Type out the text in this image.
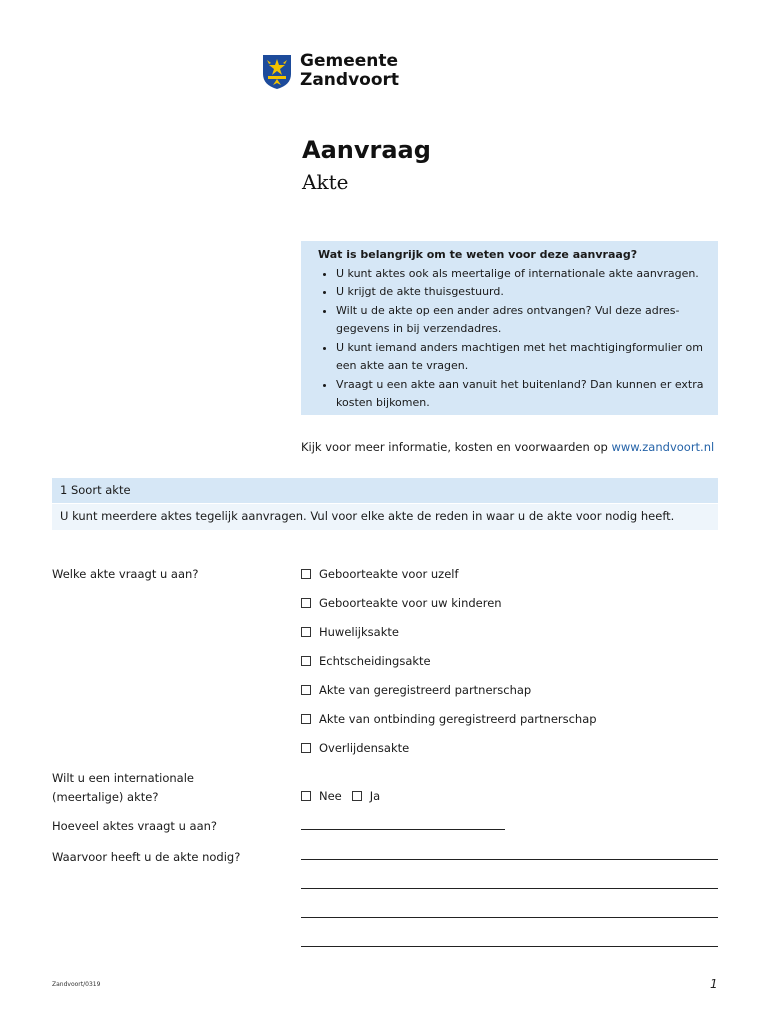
Gemeente
Zandvoort
Aanvraag
Akte
Wat is belangrijk om te weten voor deze aanvraag?
• U kunt aktes ook als meertalige of internationale akte aanvragen.
• U krijgt de akte thuisgestuurd.
• Wilt u de akte op een ander adres ontvangen? Vul deze adres-gegevens in bij verzendadres.
• U kunt iemand anders machtigen met het machtigingformulier om een akte aan te vragen.
• Vraagt u een akte aan vanuit het buitenland? Dan kunnen er extra kosten bijkomen.
Kijk voor meer informatie, kosten en voorwaarden op www.zandvoort.nl
1 Soort akte
U kunt meerdere aktes tegelijk aanvragen. Vul voor elke akte de reden in waar u de akte voor nodig heeft.
Welke akte vraagt u aan?	Geboorteakte voor uzelf
Geboorteakte voor uw kinderen
Huwelijksakte
Echtscheidingsakte
Akte van geregistreerd partnerschap
Akte van ontbinding geregistreerd partnerschap
Overlijdensakte
Wilt u een internationale
(meertalige) akte?	Nee Ja
Hoeveel aktes vraagt u aan?
Waarvoor heeft u de akte nodig?
Zandvoort/0319	1
